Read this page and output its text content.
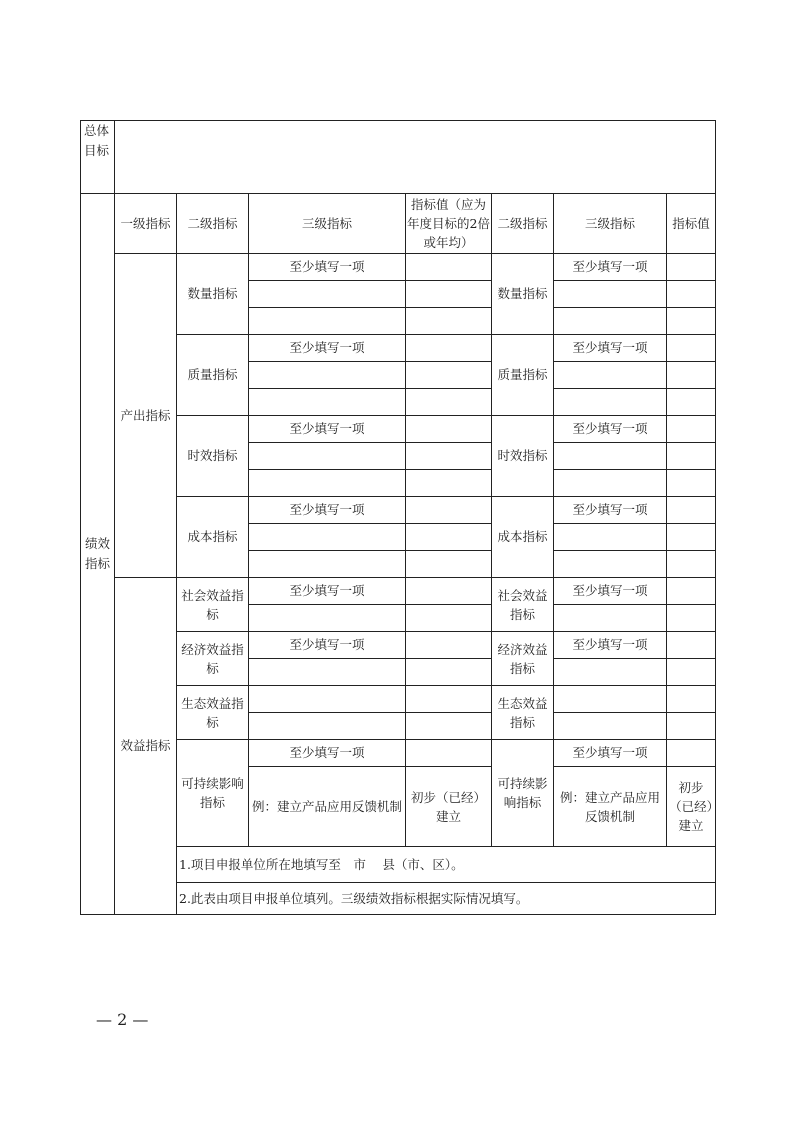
总体目标							
绩效指标	一级指标	二级指标	三级指标	指标值（应为年度目标的2倍或年均）	二级指标	三级指标	指标值
	产出指标	数量指标	至少填写一项		数量指标	至少填写一项	

		质量指标	至少填写一项		质量指标	至少填写一项	

		时效指标	至少填写一项		时效指标	至少填写一项	

		成本指标	至少填写一项		成本指标	至少填写一项	

	效益指标	社会效益指标	至少填写一项		社会效益指标	至少填写一项	

		经济效益指标	至少填写一项		经济效益指标	至少填写一项	

		生态效益指标			生态效益指标		

		可持续影响指标	至少填写一项		可持续影响指标	至少填写一项	
			例：建立产品应用反馈机制	初步（已经）建立		例：建立产品应用反馈机制	初步（已经）建立
		1.项目申报单位所在地填写至　市　 县（市、区）。					
		2.此表由项目申报单位填列。三级绩效指标根据实际情况填写。					
— 2 —
